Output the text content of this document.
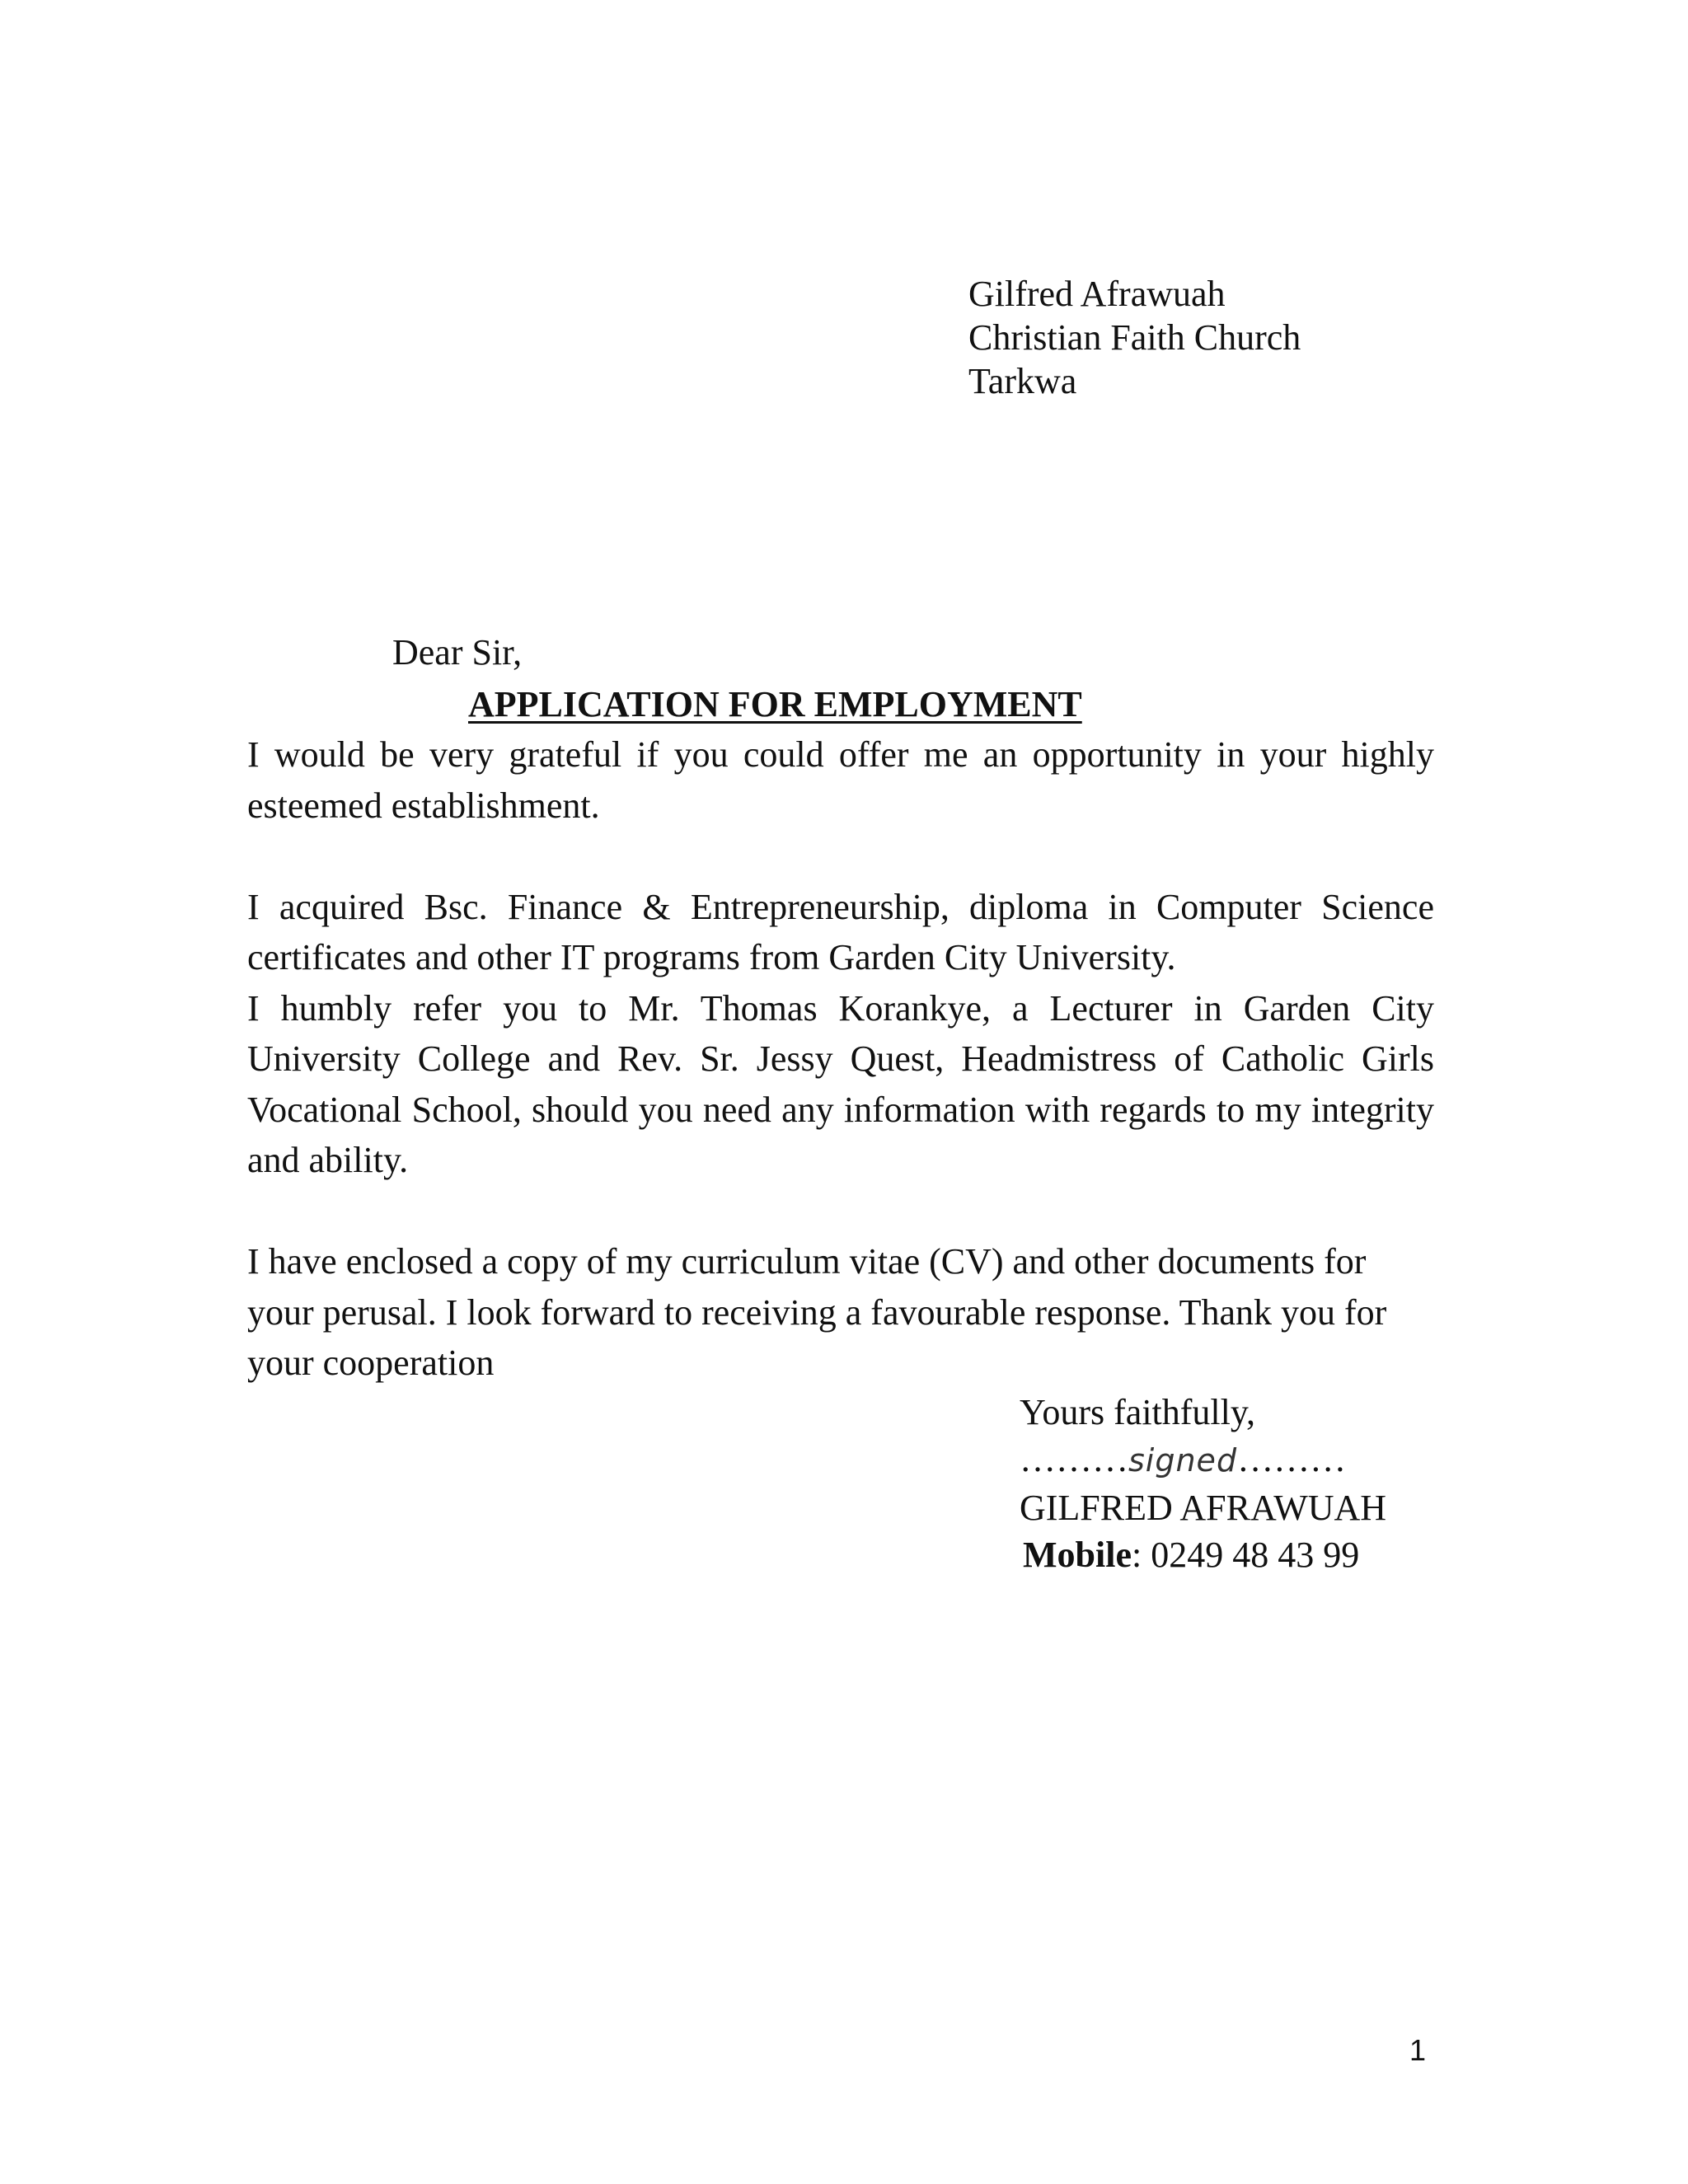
Gilfred Afrawuah
Christian Faith Church
Tarkwa
Dear Sir,
APPLICATION FOR EMPLOYMENT

I would be very grateful if you could offer me an opportunity in your highly esteemed establishment.

I acquired Bsc. Finance & Entrepreneurship, diploma in Computer Science certificates and other IT programs from Garden City University.

I humbly refer you to Mr. Thomas Korankye, a Lecturer in Garden City University College and Rev. Sr. Jessy Quest, Headmistress of Catholic Girls Vocational School, should you need any information with regards to my integrity and ability.

I have enclosed a copy of my curriculum vitae (CV) and other documents for your perusal. I look forward to receiving a favourable response. Thank you for your cooperation

Yours faithfully,
……… signed ………
GILFRED AFRAWUAH
Mobile: 0249 48 43 99
1
